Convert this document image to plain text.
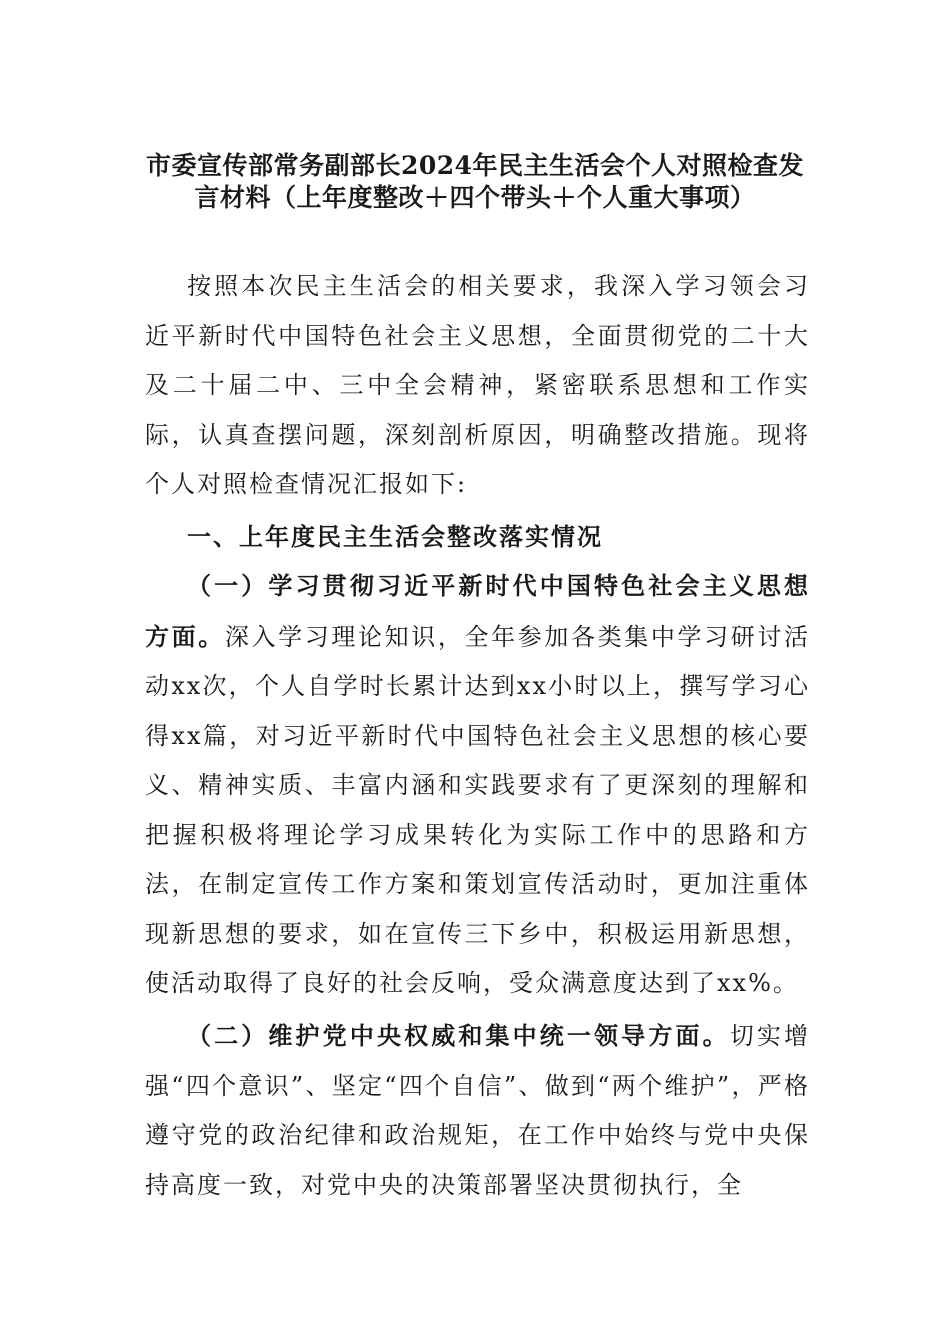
市委宣传部常务副部长2024年民主生活会个人对照检查发
言材料（上年度整改＋四个带头＋个人重大事项）

按照本次民主生活会的相关要求，我深入学习领会习近平新时代中国特色社会主义思想，全面贯彻党的二十大及二十届二中、三中全会精神，紧密联系思想和工作实际，认真查摆问题，深刻剖析原因，明确整改措施。现将个人对照检查情况汇报如下:

一、上年度民主生活会整改落实情况

（一）学习贯彻习近平新时代中国特色社会主义思想方面。深入学习理论知识，全年参加各类集中学习研讨活动xx次，个人自学时长累计达到xx小时以上，撰写学习心得xx篇，对习近平新时代中国特色社会主义思想的核心要义、精神实质、丰富内涵和实践要求有了更深刻的理解和把握积极将理论学习成果转化为实际工作中的思路和方法，在制定宣传工作方案和策划宣传活动时，更加注重体现新思想的要求，如在宣传三下乡中，积极运用新思想，使活动取得了良好的社会反响，受众满意度达到了xx%。

（二）维护党中央权威和集中统一领导方面。切实增强“四个意识”、坚定“四个自信”、做到“两个维护”，严格遵守党的政治纪律和政治规矩，在工作中始终与党中央保持高度一致，对党中央的决策部署坚决贯彻执行，全
